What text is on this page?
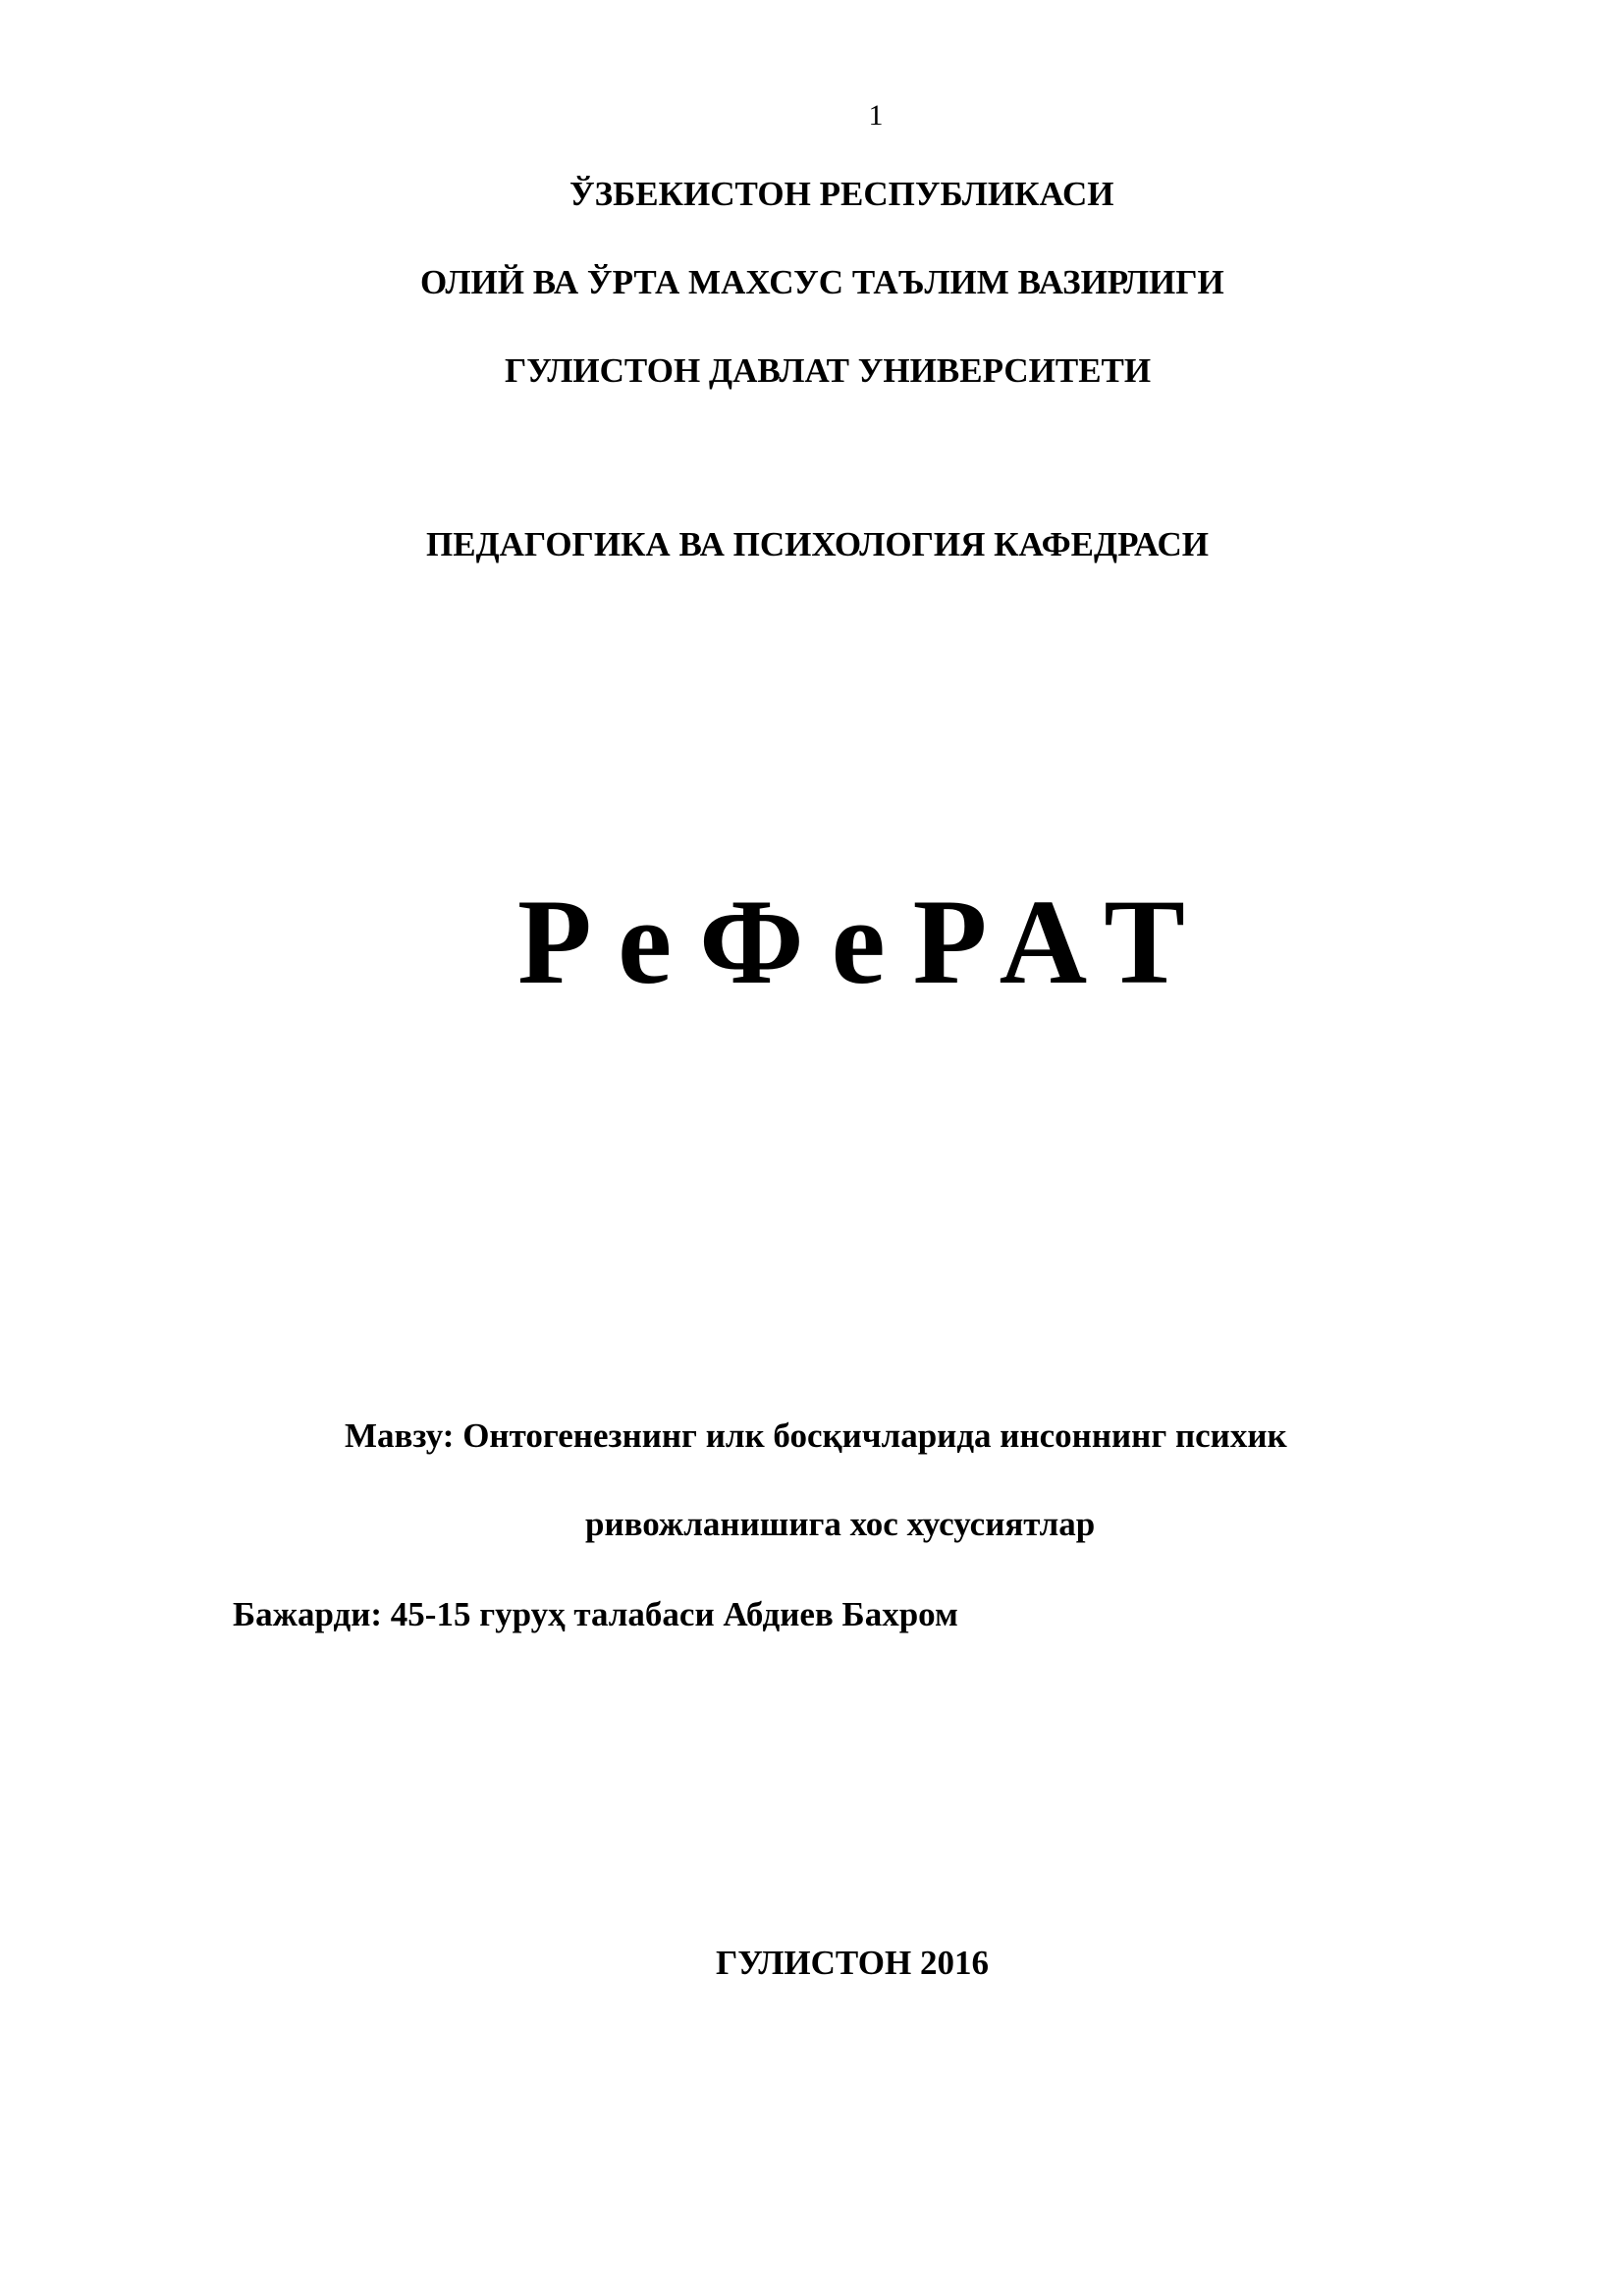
1
ЎЗБЕКИСТОН РЕСПУБЛИКАСИ
ОЛИЙ ВА ЎРТА МАХСУС ТАЪЛИМ ВАЗИРЛИГИ
ГУЛИСТОН ДАВЛАТ УНИВЕРСИТЕТИ
ПЕДАГОГИКА ВА ПСИХОЛОГИЯ КАФЕДРАСИ
РеФеРАТ
Мавзу: Онтогенезнинг илк босқичларида инсоннинг психик
ривожланишига хос хусусиятлар
Бажарди: 45-15 гуруҳ талабаси Абдиев Бахром
ГУЛИСТОН 2016
